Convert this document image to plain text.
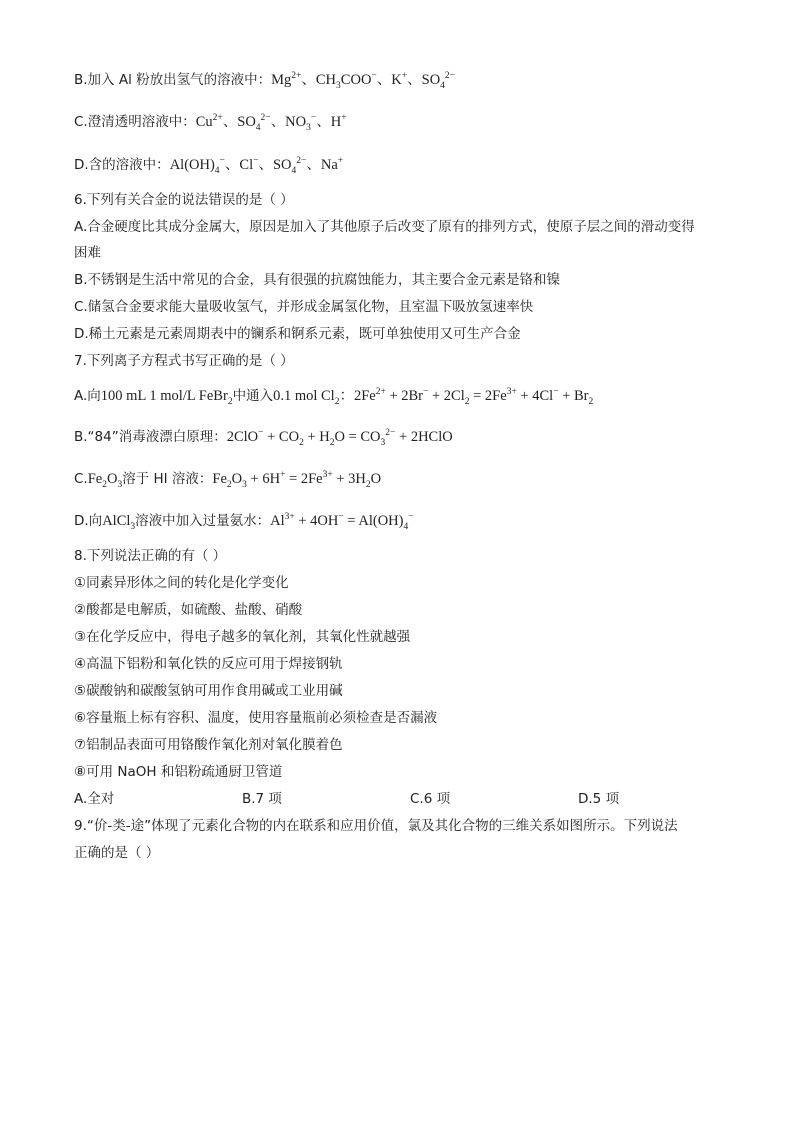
B.加入 Al 粉放出氢气的溶液中：$Mg^{2+}$、$CH_3COO^-$、K+、$SO_4^{2-}$
C.澄清透明溶液中：$Cu^{2+}$、$SO_4^{2-}$、$NO_3^-$、H+
D.含的溶液中：$Al(OH)_4^-$、Cl−、$SO_4^{2-}$、Na+
6.下列有关合金的说法错误的是（ ）
A.合金硬度比其成分金属大，原因是加入了其他原子后改变了原有的排列方式，使原子层之间的滑动变得
困难
B.不锈钢是生活中常见的合金，具有很强的抗腐蚀能力，其主要合金元素是铬和镍
C.储氢合金要求能大量吸收氢气，并形成金属氢化物，且室温下吸放氢速率快
D.稀土元素是元素周期表中的镧系和锕系元素，既可单独使用又可生产合金
7.下列离子方程式书写正确的是（ ）
A.向100 mL 1 mol/L FeBr$_2$中通入0.1 mol $Cl_2$：$2Fe^{2+} + 2Br^- + 2Cl_2 = 2Fe^{3+} + 4Cl^- + Br_2$
B.“84”消毒液漂白原理：$2ClO^- + CO_2 + H_2O = CO_3^{2-}$ + 2HClO
$C.Fe_2O_3$溶于 HI 溶液：$Fe_2O_3 + 6H^+ = 2Fe^{3+} + 3H_2O$
D.向AlCl$_3$溶液中加入过量氨水：$Al^{3+} + 4OH^- = Al(OH)_4^-$
8.下列说法正确的有（ ）
①同素异形体之间的转化是化学变化
②酸都是电解质，如硫酸、盐酸、硝酸
③在化学反应中，得电子越多的氧化剂，其氧化性就越强
④高温下铝粉和氧化铁的反应可用于焊接钢轨
⑤碳酸钠和碳酸氢钠可用作食用碱或工业用碱
⑥容量瓶上标有容积、温度，使用容量瓶前必须检查是否漏液
⑦铝制品表面可用铬酸作氧化剂对氧化膜着色
⑧可用 NaOH 和铝粉疏通厨卫管道
A.全对	B.7 项	C.6 项	D.5 项
9.“价-类-途”体现了元素化合物的内在联系和应用价值，氯及其化合物的三维关系如图所示。下列说法
正确的是（ ）
